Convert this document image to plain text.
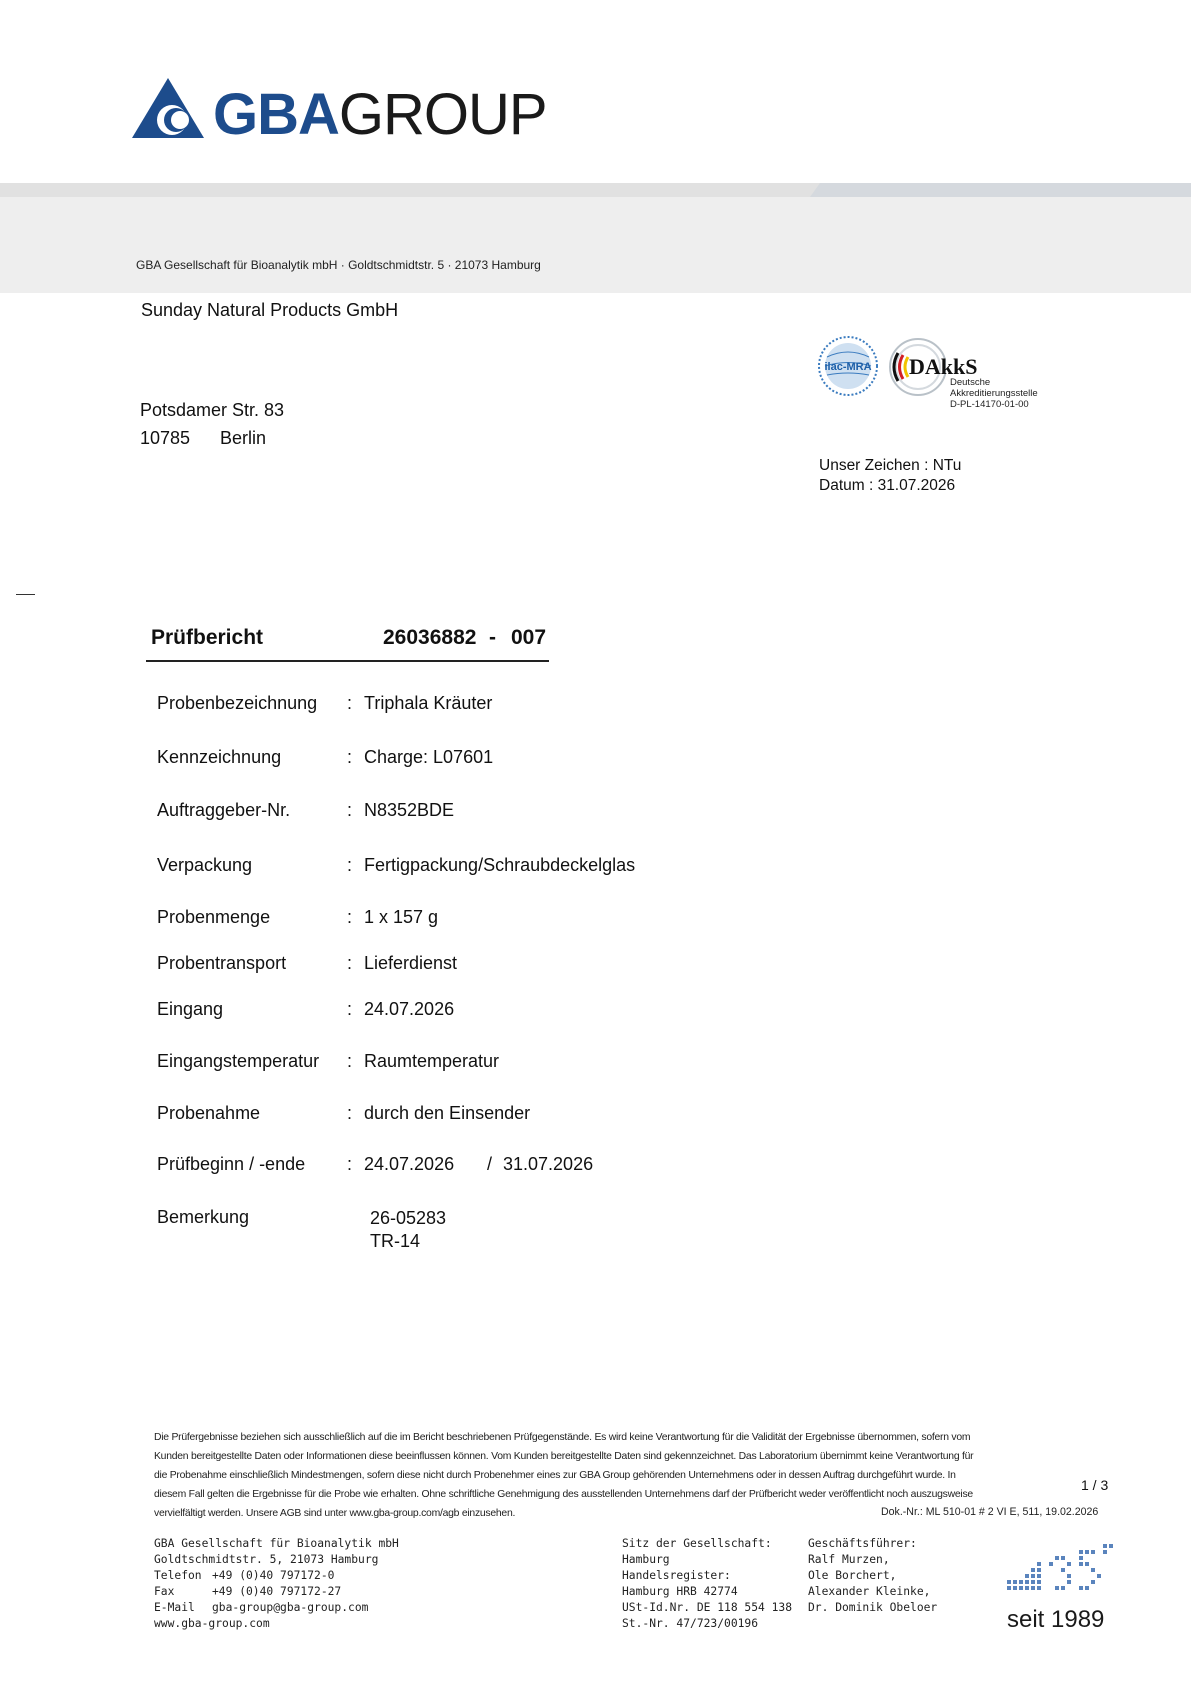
GBAGROUP
GBA Gesellschaft für Bioanalytik mbH · Goldtschmidtstr. 5 · 21073 Hamburg
Sunday Natural Products GmbH
Potsdamer Str. 83
10785 Berlin
ilac-MRA DAkkS
Deutsche
Akkreditierungsstelle
D-PL-14170-01-00
Unser Zeichen : NTu
Datum : 31.07.2026
Prüfbericht	26036882 - 007
Probenbezeichnung : Triphala Kräuter
Kennzeichnung	: Charge: L07601
Auftraggeber-Nr.	: N8352BDE
Verpackung	: Fertigpackung/Schraubdeckelglas
Probenmenge	: 1 x 157 g
Probentransport	: Lieferdienst
Eingang	: 24.07.2026
Eingangstemperatur : Raumtemperatur
Probenahme	: durch den Einsender
Prüfbeginn / -ende : 24.07.2026 / 31.07.2026
Bemerkung	26-05283
TR-14
Die Prüfergebnisse beziehen sich ausschließlich auf die im Bericht beschriebenen Prüfgegenstände. Es wird keine Verantwortung für die Validität der Ergebnisse übernommen, sofern vom Kunden bereitgestellte Daten oder Informationen diese beeinflussen können. Vom Kunden bereitgestellte Daten sind gekennzeichnet. Das Laboratorium übernimmt keine Verantwortung für die Probenahme einschließlich Mindestmengen, sofern diese nicht durch Probenehmer eines zur GBA Group gehörenden Unternehmens oder in dessen Auftrag durchgeführt wurde. In diesem Fall gelten die Ergebnisse für die Probe wie erhalten. Ohne schriftliche Genehmigung des ausstellenden Unternehmens darf der Prüfbericht weder veröffentlicht noch auszugsweise vervielfältigt werden. Unsere AGB sind unter www.gba-group.com/agb einzusehen.
1 / 3
Dok.-Nr.: ML 510-01 # 2 VI E, 511, 19.02.2026
GBA Gesellschaft für Bioanalytik mbH
Goldtschmidtstr. 5, 21073 Hamburg
Telefon +49 (0)40 797172-0
Fax	+49 (0)40 797172-27
E-Mail gba-group@gba-group.com
www.gba-group.com
Sitz der Gesellschaft:
Hamburg
Handelsregister:
Hamburg HRB 42774
USt-Id.Nr. DE 118 554 138
St.-Nr. 47/723/00196
Geschäftsführer:
Ralf Murzen,
Ole Borchert,
Alexander Kleinke,
Dr. Dominik Obeloer	seit 1989
